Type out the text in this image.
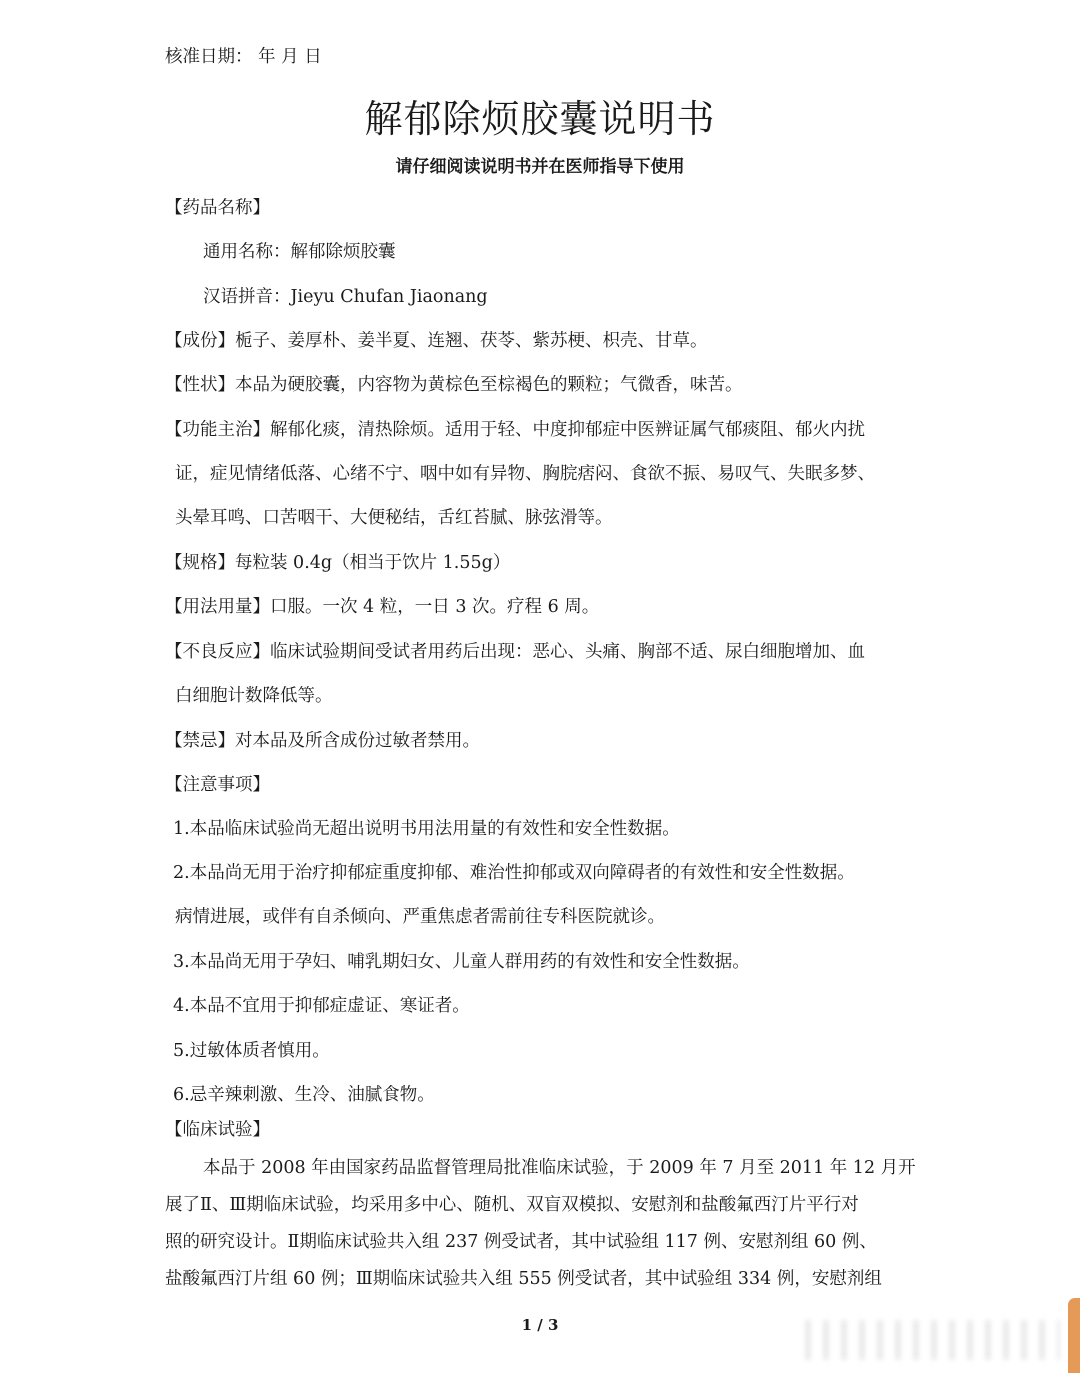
核准日期： 年 月 日
解郁除烦胶囊说明书
请仔细阅读说明书并在医师指导下使用
【药品名称】
通用名称：解郁除烦胶囊
汉语拼音：Jieyu Chufan Jiaonang
【成份】栀子、姜厚朴、姜半夏、连翘、茯苓、紫苏梗、枳壳、甘草。
【性状】本品为硬胶囊，内容物为黄棕色至棕褐色的颗粒；气微香，味苦。
【功能主治】解郁化痰，清热除烦。适用于轻、中度抑郁症中医辨证属气郁痰阻、郁火内扰
证，症见情绪低落、心绪不宁、咽中如有异物、胸脘痞闷、食欲不振、易叹气、失眠多梦、
头晕耳鸣、口苦咽干、大便秘结，舌红苔腻、脉弦滑等。
【规格】每粒装 0.4g（相当于饮片 1.55g）
【用法用量】口服。一次 4 粒，一日 3 次。疗程 6 周。
【不良反应】临床试验期间受试者用药后出现：恶心、头痛、胸部不适、尿白细胞增加、血
白细胞计数降低等。
【禁忌】对本品及所含成份过敏者禁用。
【注意事项】
1.本品临床试验尚无超出说明书用法用量的有效性和安全性数据。
2.本品尚无用于治疗抑郁症重度抑郁、难治性抑郁或双向障碍者的有效性和安全性数据。
病情进展，或伴有自杀倾向、严重焦虑者需前往专科医院就诊。
3.本品尚无用于孕妇、哺乳期妇女、儿童人群用药的有效性和安全性数据。
4.本品不宜用于抑郁症虚证、寒证者。
5.过敏体质者慎用。
6.忌辛辣刺激、生冷、油腻食物。
【临床试验】
本品于 2008 年由国家药品监督管理局批准临床试验，于 2009 年 7 月至 2011 年 12 月开
展了Ⅱ、Ⅲ期临床试验，均采用多中心、随机、双盲双模拟、安慰剂和盐酸氟西汀片平行对
照的研究设计。Ⅱ期临床试验共入组 237 例受试者，其中试验组 117 例、安慰剂组 60 例、
盐酸氟西汀片组 60 例；Ⅲ期临床试验共入组 555 例受试者，其中试验组 334 例，安慰剂组
1 / 3
